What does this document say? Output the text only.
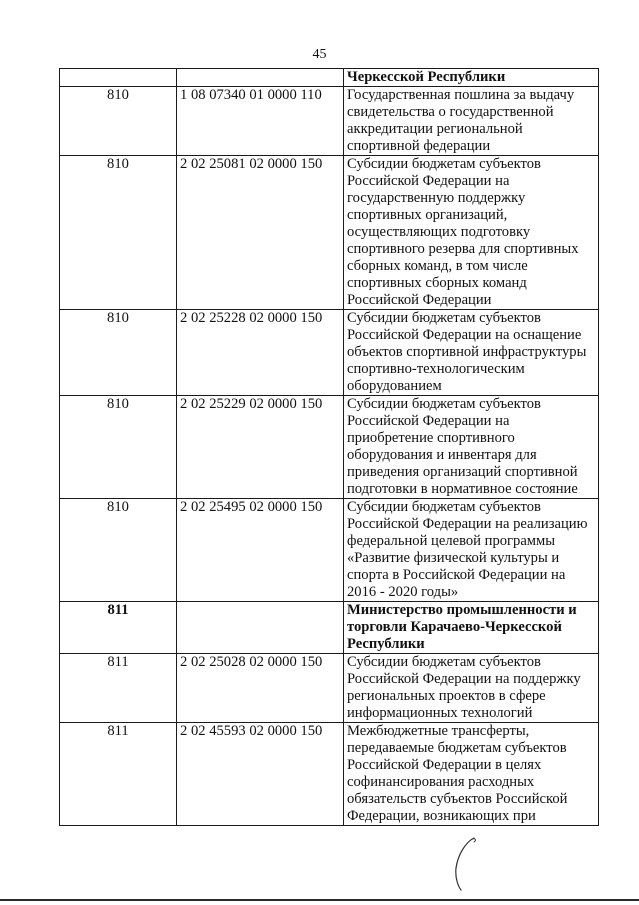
45
		Черкесской Республики
810	1 08 07340 01 0000 110	Государственная пошлина за выдачу свидетельства о государственной аккредитации региональной спортивной федерации
810	2 02 25081 02 0000 150	Субсидии бюджетам субъектов Российской Федерации на государственную поддержку спортивных организаций, осуществляющих подготовку спортивного резерва для спортивных сборных команд, в том числе спортивных сборных команд Российской Федерации
810	2 02 25228 02 0000 150	Субсидии бюджетам субъектов Российской Федерации на оснащение объектов спортивной инфраструктуры спортивно-технологическим оборудованием
810	2 02 25229 02 0000 150	Субсидии бюджетам субъектов Российской Федерации на приобретение спортивного оборудования и инвентаря для приведения организаций спортивной подготовки в нормативное состояние
810	2 02 25495 02 0000 150	Субсидии бюджетам субъектов Российской Федерации на реализацию федеральной целевой программы «Развитие физической культуры и спорта в Российской Федерации на 2016 - 2020 годы»
811		Министерство промышленности и торговли Карачаево-Черкесской Республики
811	2 02 25028 02 0000 150	Субсидии бюджетам субъектов Российской Федерации на поддержку региональных проектов в сфере информационных технологий
811	2 02 45593 02 0000 150	Межбюджетные трансферты, передаваемые бюджетам субъектов Российской Федерации в целях софинансирования расходных обязательств субъектов Российской Федерации, возникающих при
